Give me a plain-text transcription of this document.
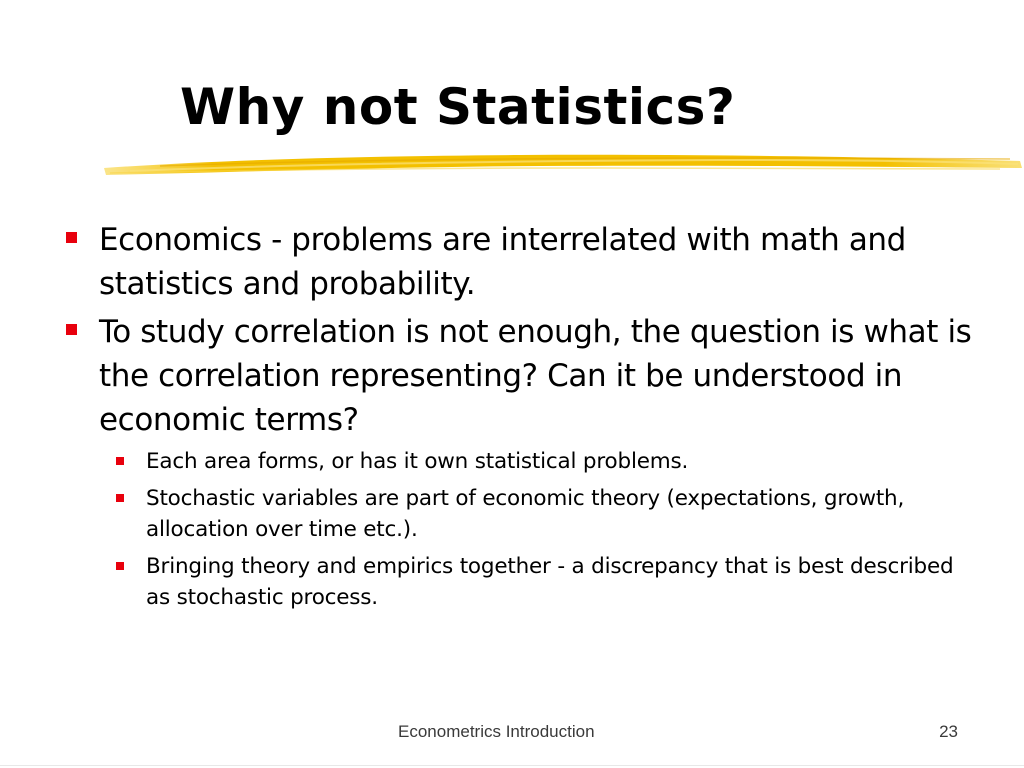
Why not Statistics?
Economics - problems are interrelated with math and statistics and probability.
To study correlation is not enough, the question is what is the correlation representing? Can it be understood in economic terms?
Each area forms, or has it own statistical problems.
Stochastic variables are part of economic theory (expectations, growth, allocation over time etc.).
Bringing theory and empirics together - a discrepancy that is best described as stochastic process.
Econometrics Introduction	23
